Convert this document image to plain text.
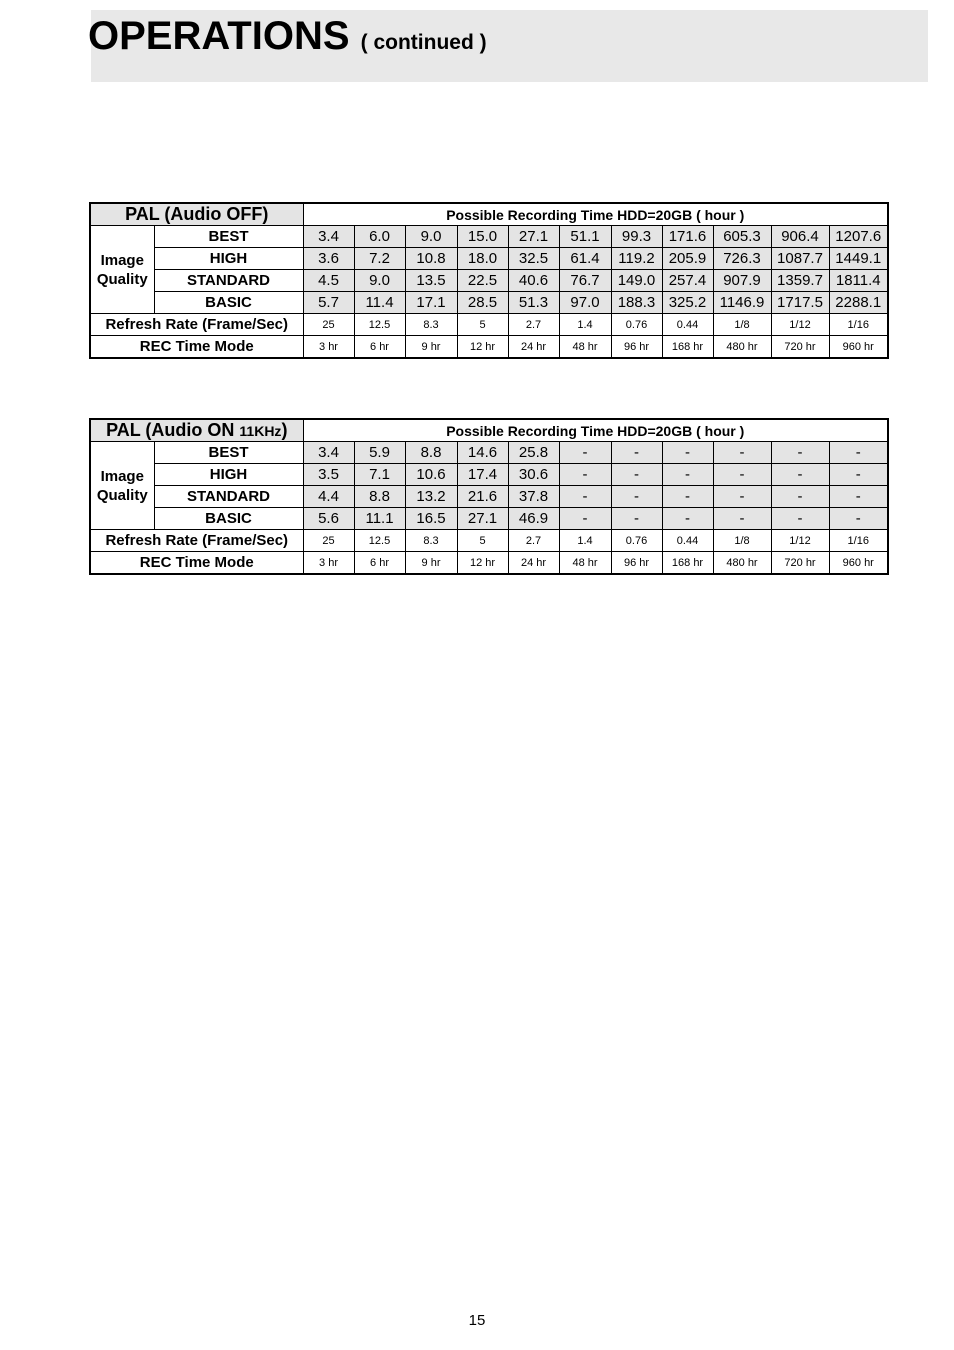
OPERATIONS ( continued )
PAL (Audio OFF)		Possible Recording Time HDD=20GB ( hour )										

Image
Quality	BEST	3.4	6.0	9.0	15.0	27.1	51.1	99.3	171.6	605.3	906.4	1207.6
	HIGH	3.6	7.2	10.8	18.0	32.5	61.4	119.2	205.9	726.3	1087.7	1449.1
	STANDARD	4.5	9.0	13.5	22.5	40.6	76.7	149.0	257.4	907.9	1359.7	1811.4
	BASIC	5.7	11.4	17.1	28.5	51.3	97.0	188.3	325.2	1146.9	1717.5	2288.1
Refresh Rate (Frame/Sec)		25	12.5	8.3	5	2.7	1.4	0.76	0.44	1/8	1/12	1/16
REC Time Mode		3 hr	6 hr	9 hr	12 hr	24 hr	48 hr	96 hr	168 hr	480 hr	720 hr	960 hr
PAL (Audio ON 11KHz)		Possible Recording Time HDD=20GB ( hour )										

Image
Quality	BEST	3.4	5.9	8.8	14.6	25.8	-	-	-	-	-	-
	HIGH	3.5	7.1	10.6	17.4	30.6	-	-	-	-	-	-
	STANDARD	4.4	8.8	13.2	21.6	37.8	-	-	-	-	-	-
	BASIC	5.6	11.1	16.5	27.1	46.9	-	-	-	-	-	-
Refresh Rate (Frame/Sec)		25	12.5	8.3	5	2.7	1.4	0.76	0.44	1/8	1/12	1/16
REC Time Mode		3 hr	6 hr	9 hr	12 hr	24 hr	48 hr	96 hr	168 hr	480 hr	720 hr	960 hr
15
